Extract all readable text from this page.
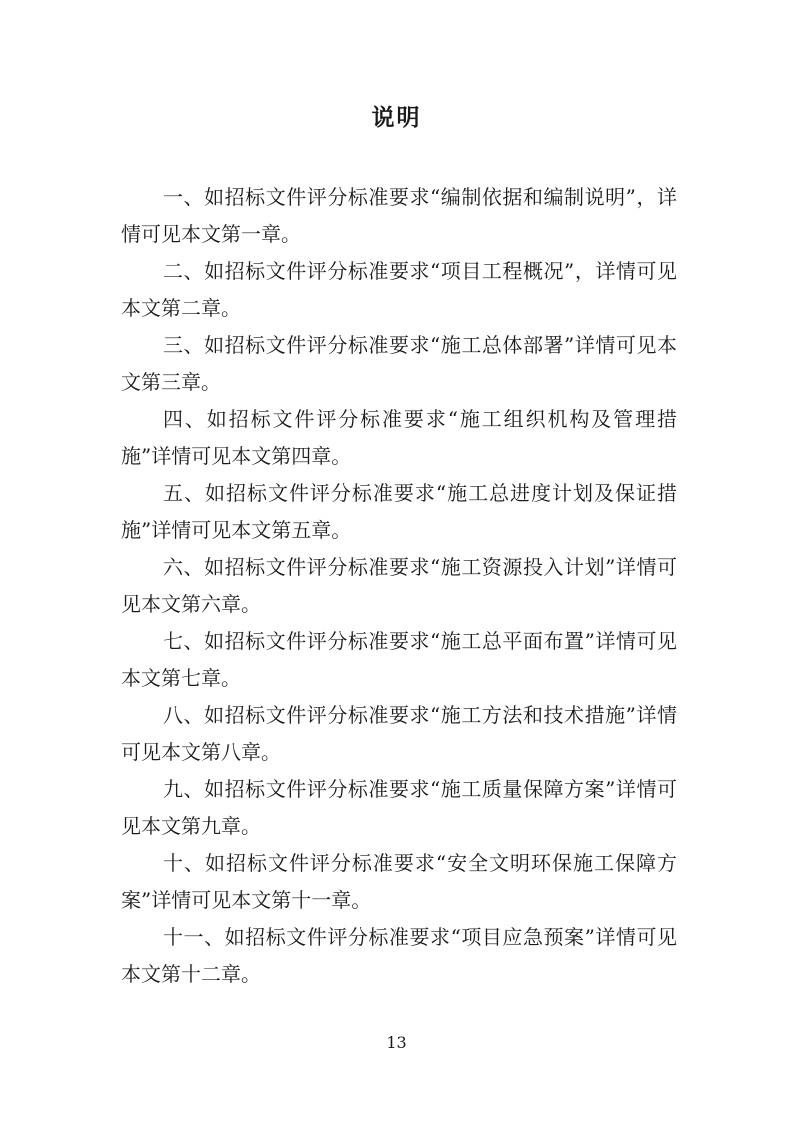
说明

一、如招标文件评分标准要求“编制依据和编制说明”，详情可见本文第一章。

二、如招标文件评分标准要求“项目工程概况”，详情可见本文第二章。

三、如招标文件评分标准要求“施工总体部署”详情可见本文第三章。

四、如招标文件评分标准要求“施工组织机构及管理措施”详情可见本文第四章。

五、如招标文件评分标准要求“施工总进度计划及保证措施”详情可见本文第五章。

六、如招标文件评分标准要求“施工资源投入计划”详情可见本文第六章。

七、如招标文件评分标准要求“施工总平面布置”详情可见本文第七章。

八、如招标文件评分标准要求“施工方法和技术措施”详情可见本文第八章。

九、如招标文件评分标准要求“施工质量保障方案”详情可见本文第九章。

十、如招标文件评分标准要求“安全文明环保施工保障方案”详情可见本文第十一章。

十一、如招标文件评分标准要求“项目应急预案”详情可见本文第十二章。

13
